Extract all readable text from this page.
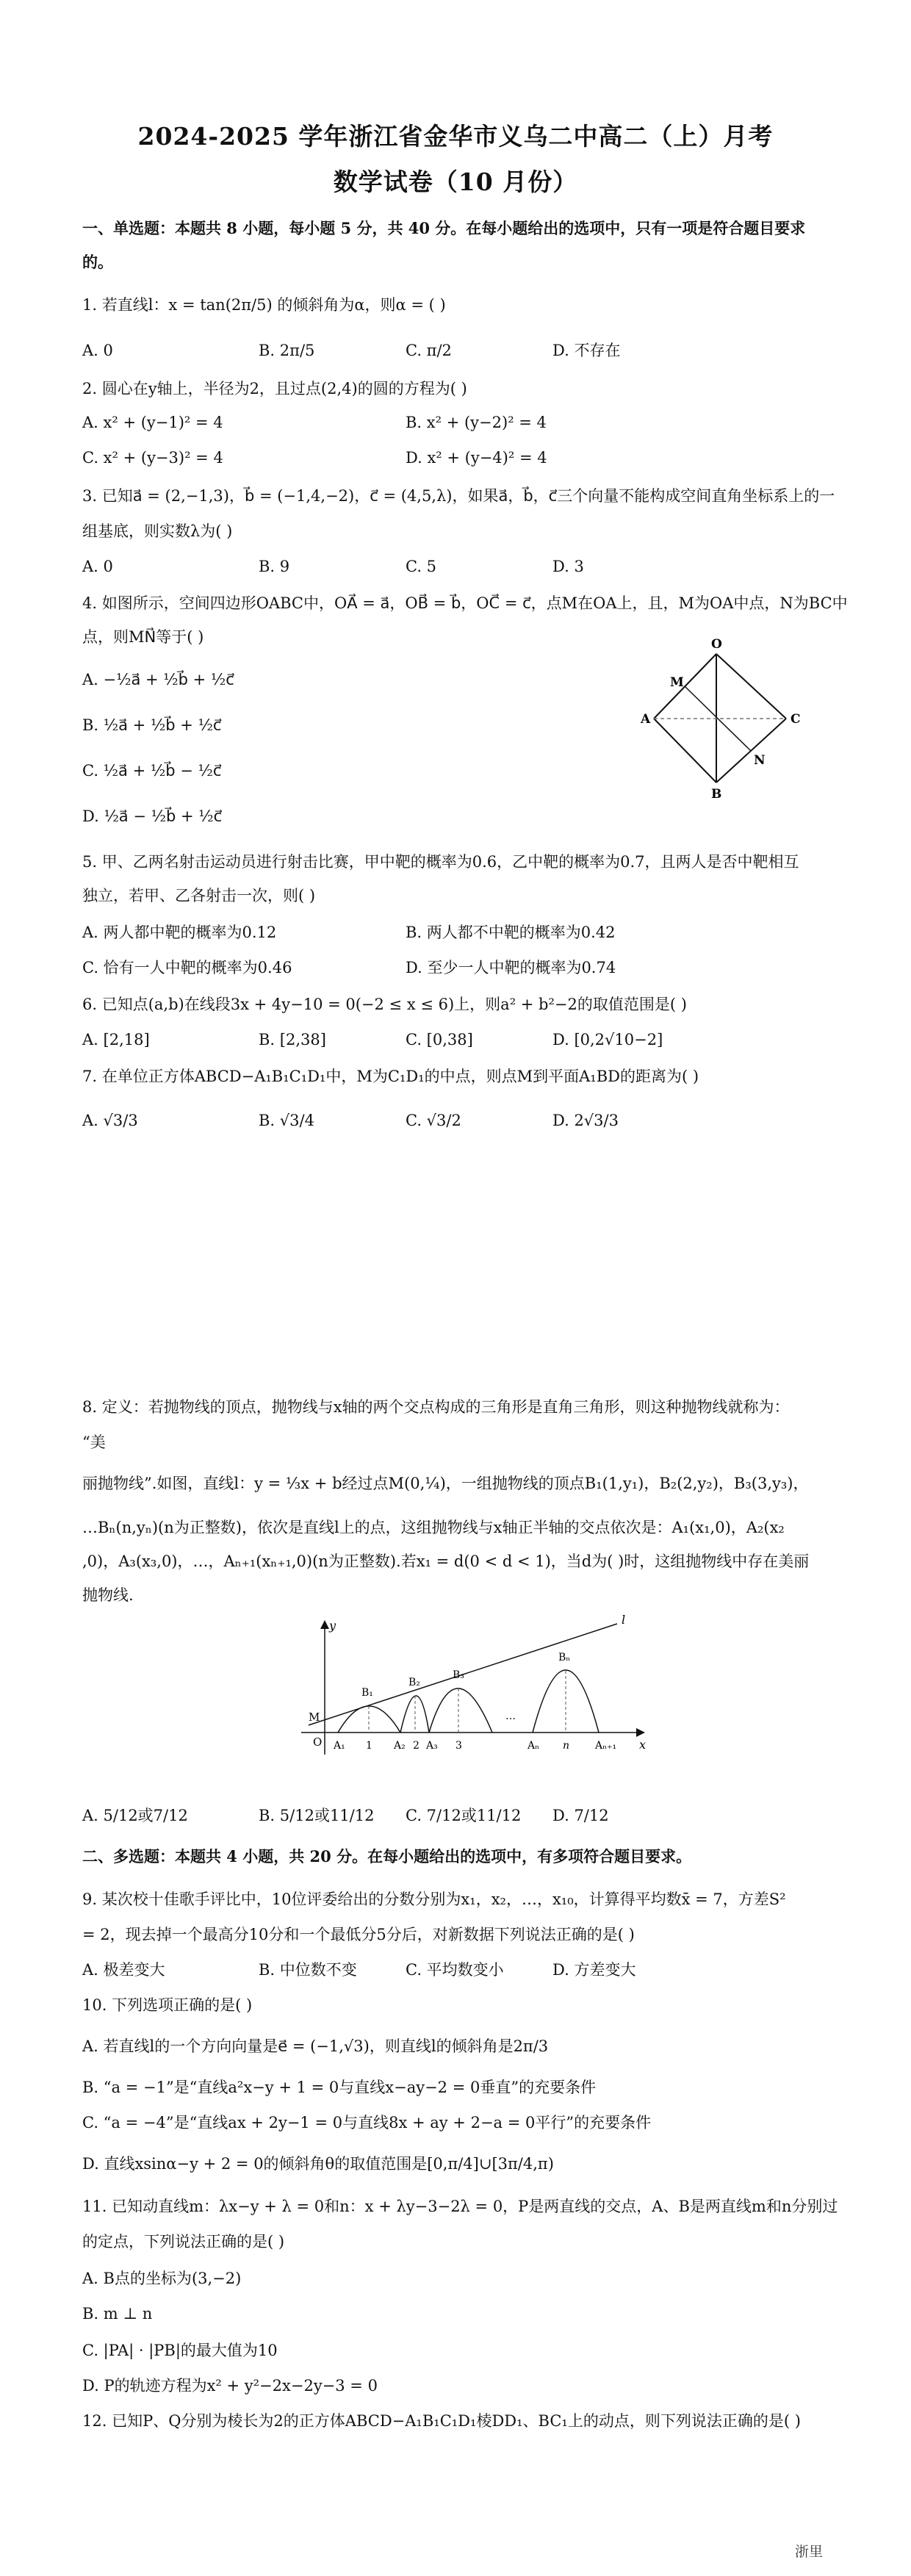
2024-2025 学年浙江省金华市义乌二中高二（上）月考
数学试卷（10 月份）
一、单选题：本题共 8 小题，每小题 5 分，共 40 分。在每小题给出的选项中，只有一项是符合题目要求
的。
1. 若直线l：x = tan(2π/5) 的倾斜角为α，则α = ( )
A. 0	B. 2π/5	C. π/2	D. 不存在
2. 圆心在y轴上，半径为2，且过点(2,4)的圆的方程为( )
A. x² + (y−1)² = 4	B. x² + (y−2)² = 4
C. x² + (y−3)² = 4	D. x² + (y−4)² = 4
3. 已知a⃗ = (2,−1,3)，b⃗ = (−1,4,−2)，c⃗ = (4,5,λ)，如果a⃗，b⃗，c⃗三个向量不能构成空间直角坐标系上的一
组基底，则实数λ为( )
A. 0	B. 9	C. 5	D. 3
4. 如图所示，空间四边形OABC中，OA⃗ = a⃗，OB⃗ = b⃗，OC⃗ = c⃗，点M在OA上，且，M为OA中点，N为BC中
点，则MN⃗等于( )
A. −½a⃗ + ½b⃗ + ½c⃗
B. ½a⃗ + ½b⃗ + ½c⃗
C. ½a⃗ + ½b⃗ − ½c⃗
D. ½a⃗ − ½b⃗ + ½c⃗
O
M
A
B
C
N
5. 甲、乙两名射击运动员进行射击比赛，甲中靶的概率为0.6，乙中靶的概率为0.7，且两人是否中靶相互
独立，若甲、乙各射击一次，则( )
A. 两人都中靶的概率为0.12	B. 两人都不中靶的概率为0.42
C. 恰有一人中靶的概率为0.46	D. 至少一人中靶的概率为0.74
6. 已知点(a,b)在线段3x + 4y−10 = 0(−2 ≤ x ≤ 6)上，则a² + b²−2的取值范围是( )
A. [2,18]	B. [2,38]	C. [0,38]	D. [0,2√10−2]
7. 在单位正方体ABCD−A₁B₁C₁D₁中，M为C₁D₁的中点，则点M到平面A₁BD的距离为( )
A. √3/3	B. √3/4	C. √3/2	D. 2√3/3
8. 定义：若抛物线的顶点，抛物线与x轴的两个交点构成的三角形是直角三角形，则这种抛物线就称为：
“美
丽抛物线”.如图，直线l：y = ⅓x + b经过点M(0,¼)，一组抛物线的顶点B₁(1,y₁)，B₂(2,y₂)，B₃(3,y₃)，
…Bₙ(n,yₙ)(n为正整数)，依次是直线l上的点，这组抛物线与x轴正半轴的交点依次是：A₁(x₁,0)，A₂(x₂
,0)，A₃(x₃,0)，…，Aₙ₊₁(xₙ₊₁,0)(n为正整数).若x₁ = d(0 < d < 1)，当d为( )时，这组抛物线中存在美丽
抛物线.
y
x
l
O
M
B₁
B₂
B₃
Bₙ
A₁ 1 A₂ 2 A₃ 3
…
Aₙ n Aₙ₊₁
A. 5/12或7/12	B. 5/12或11/12 C. 7/12或11/12 D. 7/12
二、多选题：本题共 4 小题，共 20 分。在每小题给出的选项中，有多项符合题目要求。
9. 某次校十佳歌手评比中，10位评委给出的分数分别为x₁，x₂，…，x₁₀，计算得平均数x̄ = 7，方差S²
= 2，现去掉一个最高分10分和一个最低分5分后，对新数据下列说法正确的是( )
A. 极差变大	B. 中位数不变	C. 平均数变小	D. 方差变大
10. 下列选项正确的是( )
A. 若直线l的一个方向向量是e⃗ = (−1,√3)，则直线l的倾斜角是2π/3
B. “a = −1”是“直线a²x−y + 1 = 0与直线x−ay−2 = 0垂直”的充要条件
C. “a = −4”是“直线ax + 2y−1 = 0与直线8x + ay + 2−a = 0平行”的充要条件
D. 直线xsinα−y + 2 = 0的倾斜角θ的取值范围是[0,π/4]∪[3π/4,π)
11. 已知动直线m：λx−y + λ = 0和n：x + λy−3−2λ = 0，P是两直线的交点，A、B是两直线m和n分别过
的定点，下列说法正确的是( )
A. B点的坐标为(3,−2)
B. m ⊥ n
C. |PA| · |PB|的最大值为10
D. P的轨迹方程为x² + y²−2x−2y−3 = 0
12. 已知P、Q分别为棱长为2的正方体ABCD−A₁B₁C₁D₁棱DD₁、BC₁上的动点，则下列说法正确的是( )
浙里
